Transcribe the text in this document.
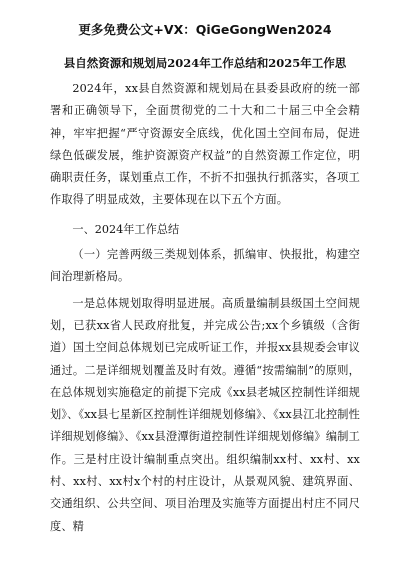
更多免费公文+VX：QiGeGongWen2024
县自然资源和规划局2024年工作总结和2025年工作思

2024年，xx县自然资源和规划局在县委县政府的统一部署和正确领导下，全面贯彻党的二十大和二十届三中全会精神，牢牢把握“严守资源安全底线，优化国土空间布局，促进绿色低碳发展，维护资源资产权益”的自然资源工作定位，明确职责任务，谋划重点工作，不折不扣强执行抓落实，各项工作取得了明显成效，主要体现在以下五个方面。

一、2024年工作总结

（一）完善两级三类规划体系，抓编审、快报批，构建空间治理新格局。

一是总体规划取得明显进展。高质量编制县级国土空间规划，已获xx省人民政府批复，并完成公告;xx个乡镇级（含街道）国土空间总体规划已完成听证工作，并报xx县规委会审议通过。二是详细规划覆盖及时有效。遵循“按需编制”的原则，在总体规划实施稳定的前提下完成《xx县老城区控制性详细规划》、《xx县七星新区控制性详细规划修编》、《xx县江北控制性详细规划修编》、《xx县澄潭街道控制性详细规划修编》编制工作。三是村庄设计编制重点突出。组织编制xx村、xx村、xx村、xx村、xx村x个村的村庄设计，从景观风貌、建筑界面、交通组织、公共空间、项目治理及实施等方面提出村庄不同尺度、精
